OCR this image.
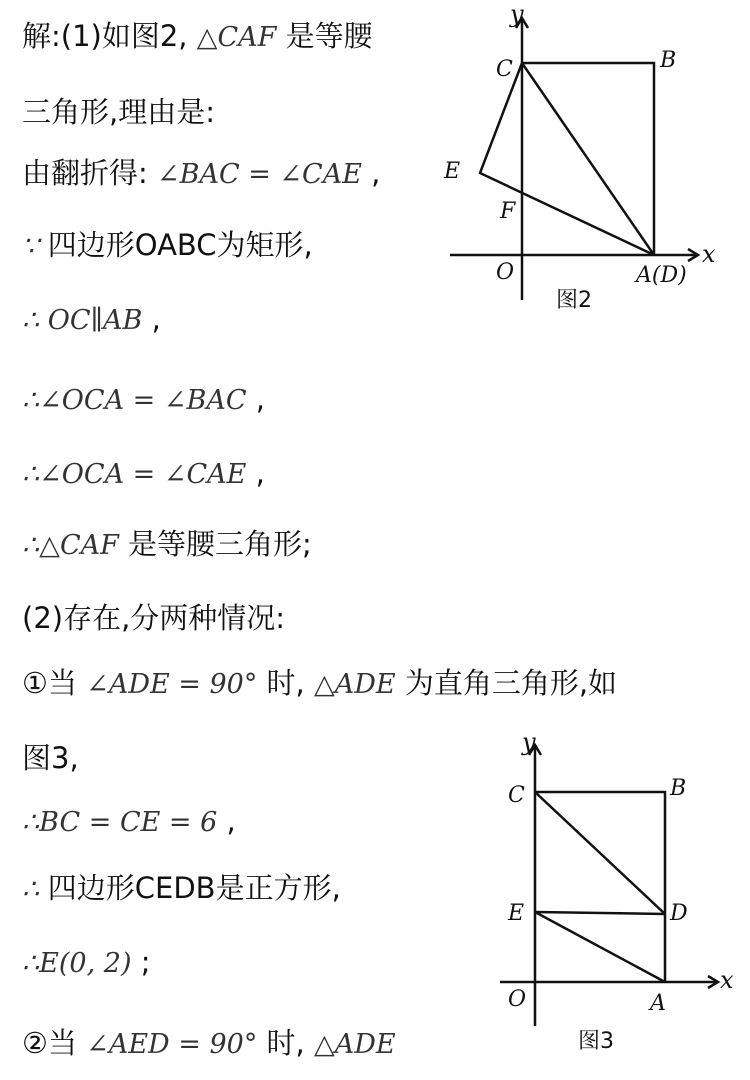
解:(1)如图2, △CAF 是等腰
三角形,理由是:
由翻折得: ∠BAC = ∠CAE ,
∵ 四边形OABC为矩形,
∴ OC∥AB ,
∴∠OCA = ∠BAC ,
∴∠OCA = ∠CAE ,
∴△CAF 是等腰三角形;
(2)存在,分两种情况:
①当 ∠ADE = 90° 时, △ADE 为直角三角形,如
图3,
∴BC = CE = 6 ,
∴ 四边形CEDB是正方形,
∴E(0, 2) ;
②当 ∠AED = 90° 时, △ADE
y
x
C	B
E
F
O	A(D)
图2
y
x
C	B
E	D
O	A
图3
